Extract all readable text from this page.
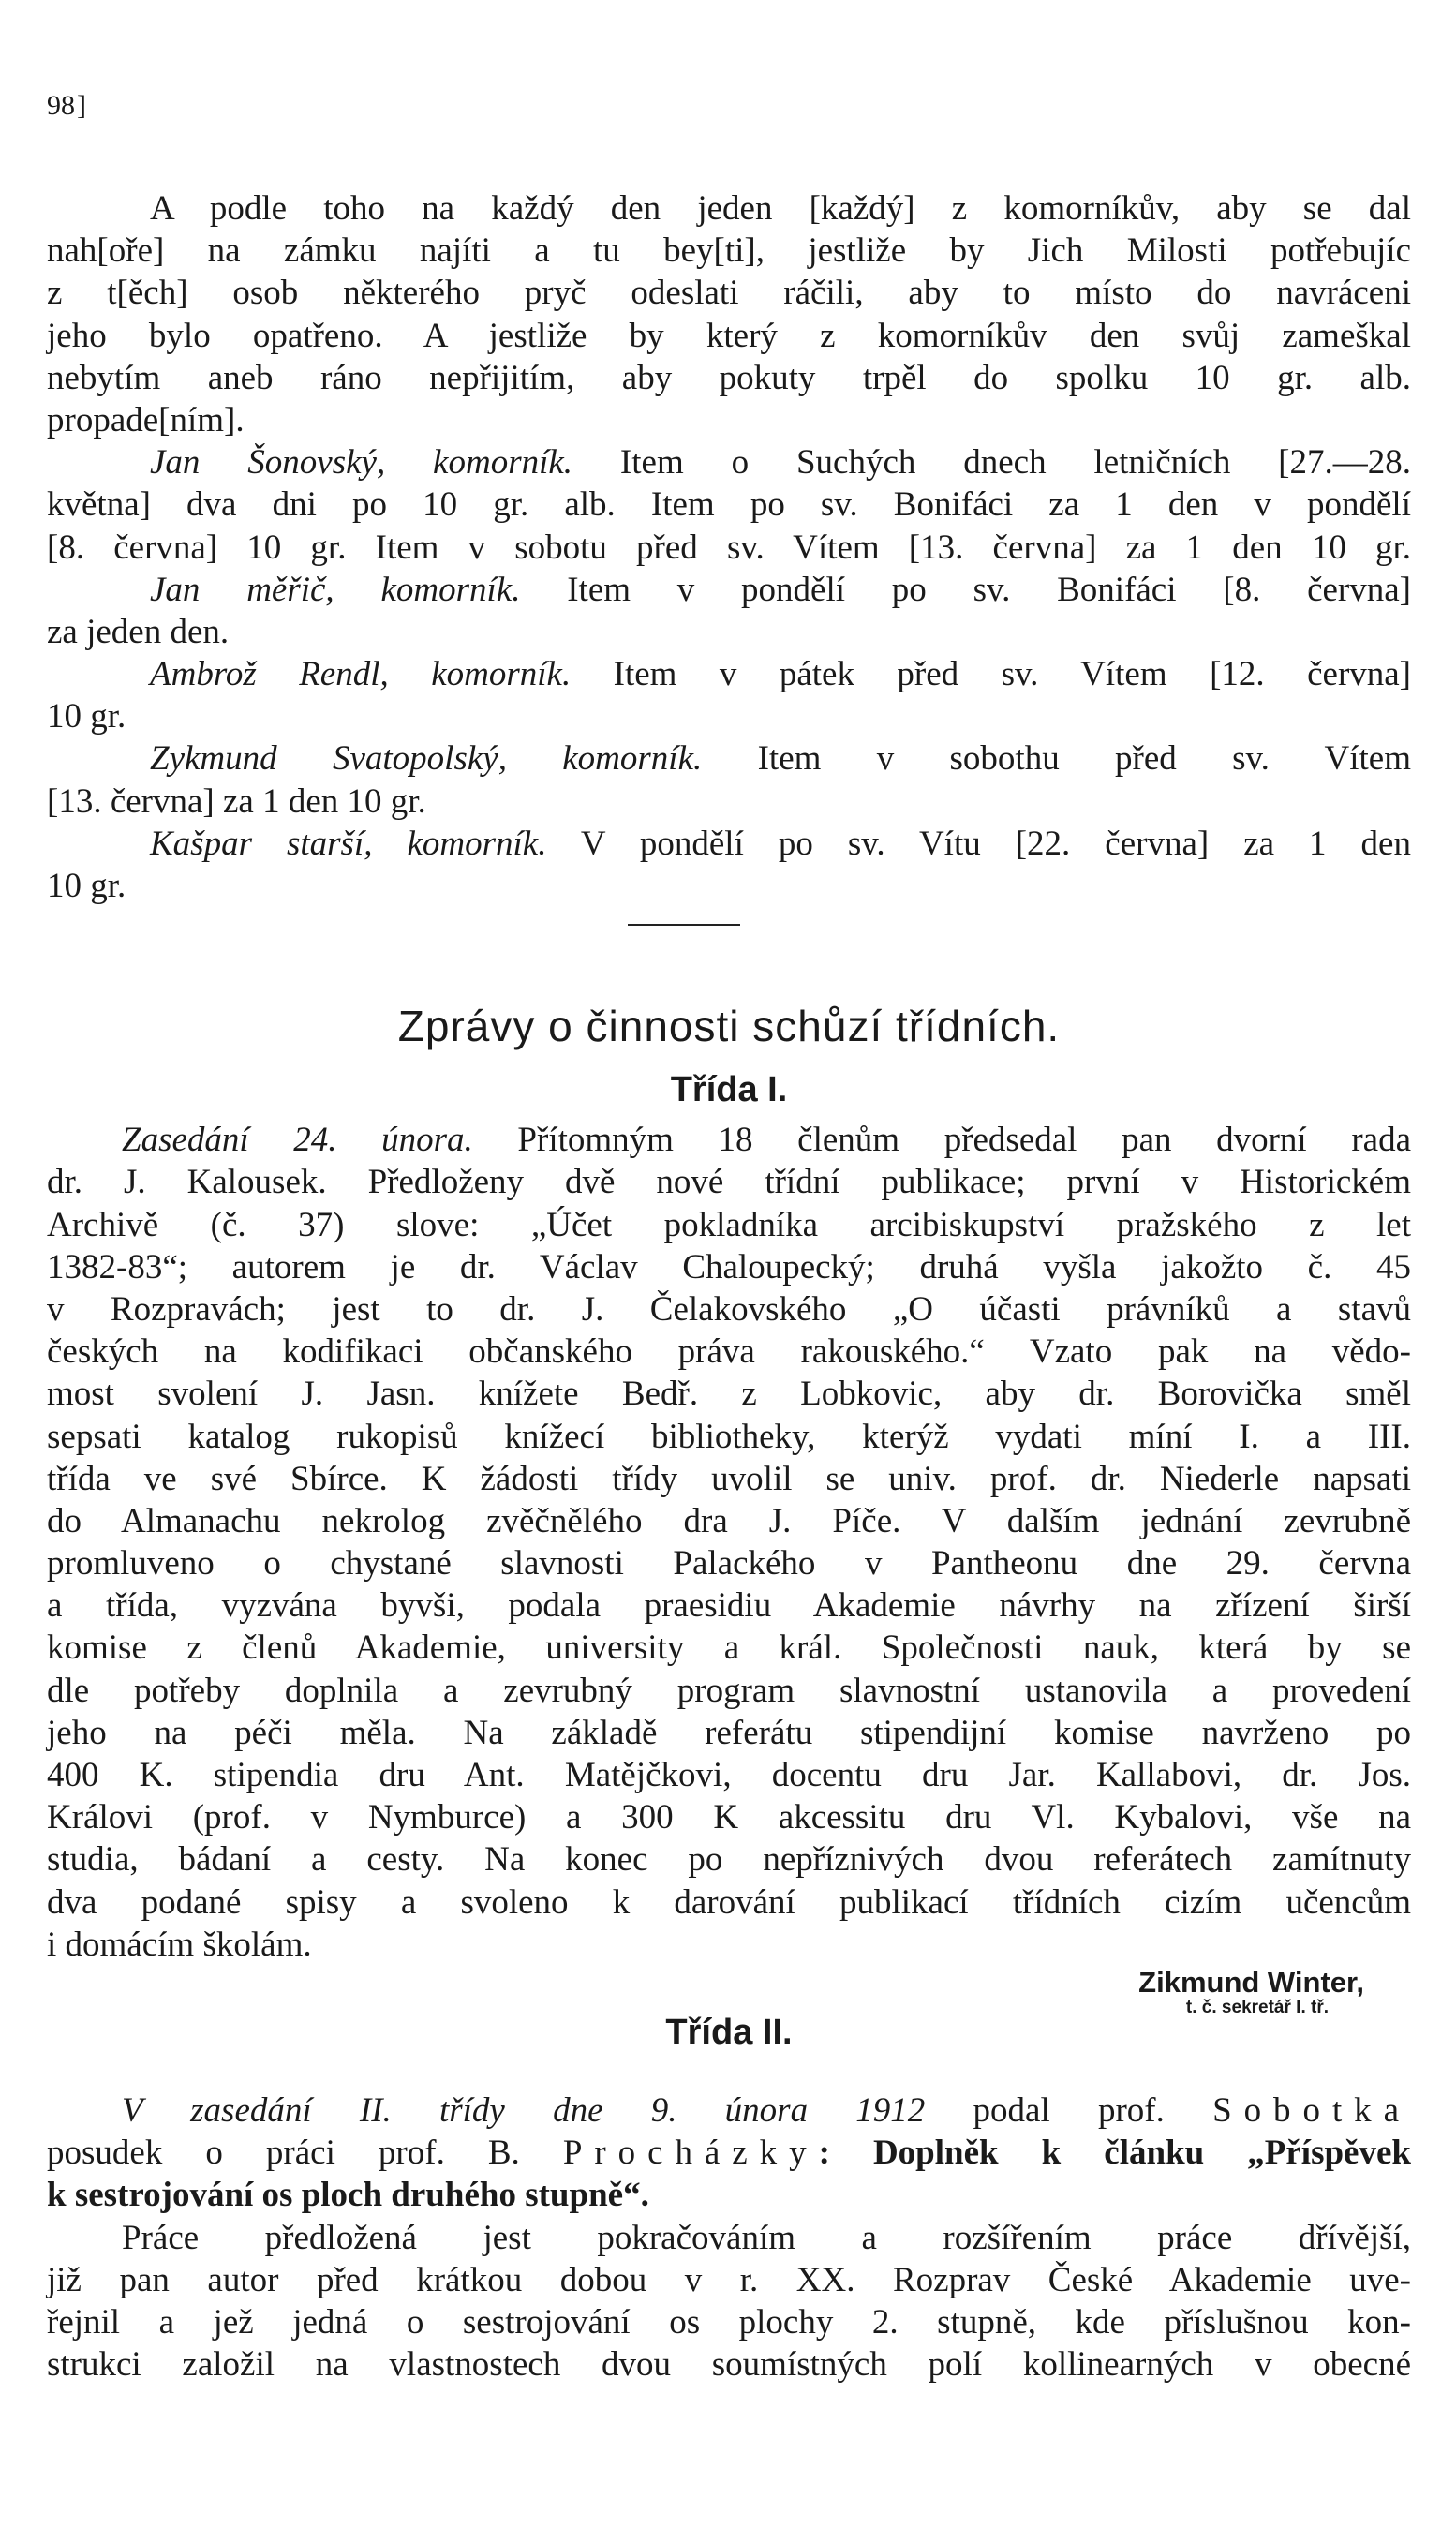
98]
A podle toho na každý den jeden [každý] z komorníkův, aby se dal
nah[oře] na zámku najíti a tu bey[ti], jestliže by Jich Milosti potřebujíc
z t[ěch] osob některého pryč odeslati ráčili, aby to místo do navráceni
jeho bylo opatřeno. A jestliže by který z komorníkův den svůj zameškal
nebytím aneb ráno nepřijitím, aby pokuty trpěl do spolku 10 gr. alb.
propade[ním].
Jan Šonovský, komorník. Item o Suchých dnech letničních [27.—28.
května] dva dni po 10 gr. alb. Item po sv. Bonifáci za 1 den v pondělí
[8. června] 10 gr. Item v sobotu před sv. Vítem [13. června] za 1 den 10 gr.
Jan měřič, komorník. Item v pondělí po sv. Bonifáci [8. června]
za jeden den.
Ambrož Rendl, komorník. Item v pátek před sv. Vítem [12. června]
10 gr.
Zykmund Svatopolský, komorník. Item v sobothu před sv. Vítem
[13. června] za 1 den 10 gr.
Kašpar starší, komorník. V pondělí po sv. Vítu [22. června] za 1 den
10 gr.
Zprávy o činnosti schůzí třídních.
Třída I.
Zasedání 24. února. Přítomným 18 členům předsedal pan dvorní rada
dr. J. Kalousek. Předloženy dvě nové třídní publikace; první v Historickém
Archivě (č. 37) slove: „Účet pokladníka arcibiskupství pražského z let
1382-83“; autorem je dr. Václav Chaloupecký; druhá vyšla jakožto č. 45
v Rozpravách; jest to dr. J. Čelakovského „O účasti právníků a stavů
českých na kodifikaci občanského práva rakouského.“ Vzato pak na vědo-
most svolení J. Jasn. knížete Bedř. z Lobkovic, aby dr. Borovička směl
sepsati katalog rukopisů knížecí bibliotheky, kterýž vydati míní I. a III.
třída ve své Sbírce. K žádosti třídy uvolil se univ. prof. dr. Niederle napsati
do Almanachu nekrolog zvěčnělého dra J. Píče. V dalším jednání zevrubně
promluveno o chystané slavnosti Palackého v Pantheonu dne 29. června
a třída, vyzvána byvši, podala praesidiu Akademie návrhy na zřízení širší
komise z členů Akademie, university a král. Společnosti nauk, která by se
dle potřeby doplnila a zevrubný program slavnostní ustanovila a provedení
jeho na péči měla. Na základě referátu stipendijní komise navrženo po
400 K. stipendia dru Ant. Matějčkovi, docentu dru Jar. Kallabovi, dr. Jos.
Královi (prof. v Nymburce) a 300 K akcessitu dru Vl. Kybalovi, vše na
studia, bádaní a cesty. Na konec po nepříznivých dvou referátech zamítnuty
dva podané spisy a svoleno k darování publikací třídních cizím učencům
i domácím školám.
Zikmund Winter,
t. č. sekretář I. tř.
Třída II.
V zasedání II. třídy dne 9. února 1912 podal prof. Sobotka
posudek o práci prof. B. Procházky: Doplněk k článku „Příspěvek
k sestrojování os ploch druhého stupně“.
Práce předložená jest pokračováním a rozšířením práce dřívější,
již pan autor před krátkou dobou v r. XX. Rozprav České Akademie uve-
řejnil a jež jedná o sestrojování os plochy 2. stupně, kde příslušnou kon-
strukci založil na vlastnostech dvou soumístných polí kollinearných v obecné
